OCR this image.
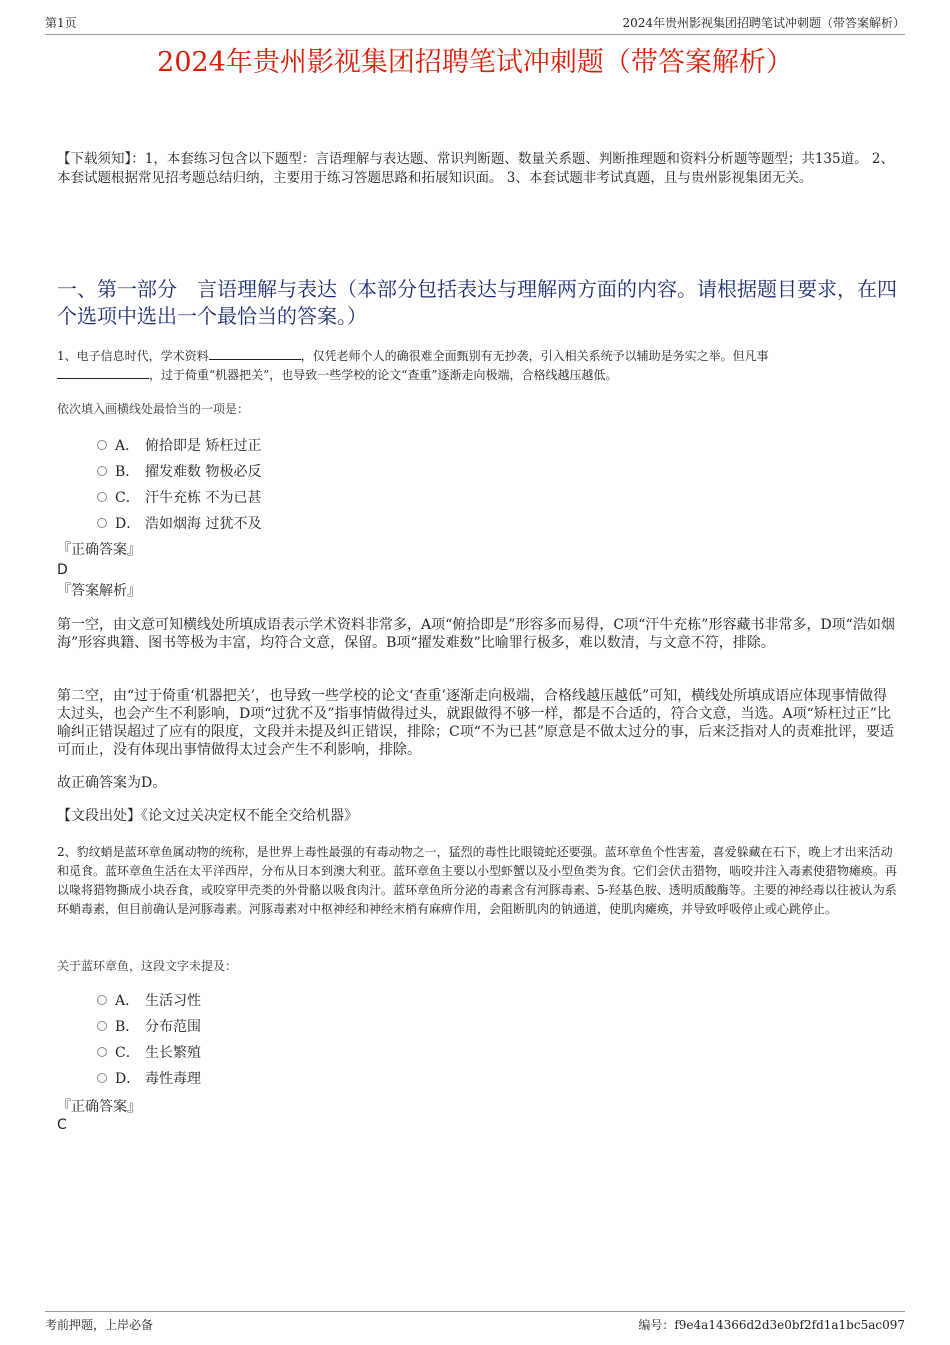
第1页	2024年贵州影视集团招聘笔试冲刺题（带答案解析）
2024年贵州影视集团招聘笔试冲刺题（带答案解析）
【下载须知】：1，本套练习包含以下题型：言语理解与表达题、常识判断题、数量关系题、判断推理题和资料分析题等题型；共135道。 2、本套试题根据常见招考题总结归纳，主要用于练习答题思路和拓展知识面。 3、本套试题非考试真题，且与贵州影视集团无关。
一、第一部分　言语理解与表达（本部分包括表达与理解两方面的内容。请根据题目要求，在四个选项中选出一个最恰当的答案。）
1、电子信息时代，学术资料	，仅凭老师个人的确很难全面甄别有无抄袭，引入相关系统予以辅助是务实之举。但凡事
，过于倚重“机器把关”，也导致一些学校的论文“查重”逐渐走向极端，合格线越压越低。
依次填入画横线处最恰当的一项是：
A． 俯拾即是 矫枉过正
B． 擢发难数 物极必反
C． 汗牛充栋 不为已甚
D． 浩如烟海 过犹不及
『正确答案』
D
『答案解析』
第一空，由文意可知横线处所填成语表示学术资料非常多，A项“俯拾即是”形容多而易得，C项“汗牛充栋”形容藏书非常多，D项“浩如烟海”形容典籍、图书等极为丰富，均符合文意，保留。B项“擢发难数”比喻罪行极多，难以数清，与文意不符，排除。
第二空，由“过于倚重‘机器把关’，也导致一些学校的论文‘查重’逐渐走向极端，合格线越压越低”可知，横线处所填成语应体现事情做得太过头，也会产生不利影响，D项“过犹不及”指事情做得过头，就跟做得不够一样，都是不合适的，符合文意，当选。A项“矫枉过正”比喻纠正错误超过了应有的限度，文段并未提及纠正错误，排除；C项“不为已甚”原意是不做太过分的事，后来泛指对人的责难批评，要适可而止，没有体现出事情做得太过会产生不利影响，排除。
故正确答案为D。
【文段出处】《论文过关决定权不能全交给机器》
2、豹纹蛸是蓝环章鱼属动物的统称，是世界上毒性最强的有毒动物之一，猛烈的毒性比眼镜蛇还要强。蓝环章鱼个性害羞，喜爱躲藏在石下，晚上才出来活动和觅食。蓝环章鱼生活在太平洋西岸，分布从日本到澳大利亚。蓝环章鱼主要以小型虾蟹以及小型鱼类为食。它们会伏击猎物，啮咬并注入毒素使猎物瘫痪。再以喙将猎物撕成小块吞食，或咬穿甲壳类的外骨骼以吸食肉汁。蓝环章鱼所分泌的毒素含有河豚毒素、5-羟基色胺、透明质酸酶等。主要的神经毒以往被认为系环蛸毒素，但目前确认是河豚毒素。河豚毒素对中枢神经和神经末梢有麻痹作用，会阻断肌肉的钠通道，使肌肉瘫痪，并导致呼吸停止或心跳停止。
关于蓝环章鱼，这段文字未提及：
A． 生活习性
B． 分布范围
C． 生长繁殖
D． 毒性毒理
『正确答案』
C
考前押题，上岸必备	编号：f9e4a14366d2d3e0bf2fd1a1bc5ac097
